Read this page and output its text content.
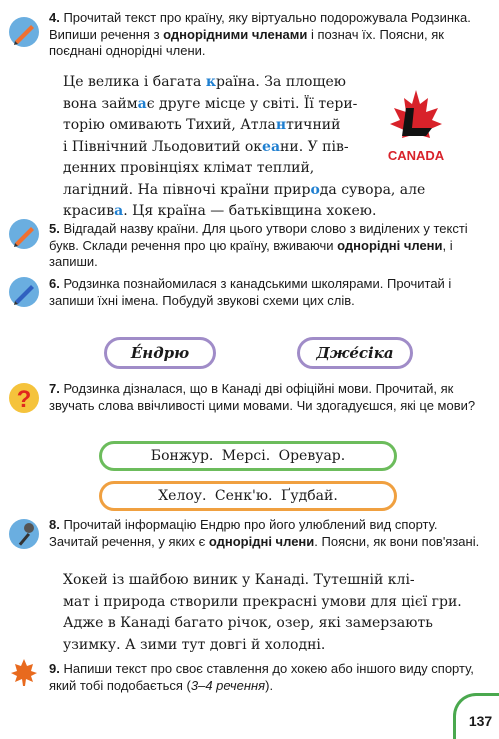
4. Прочитай текст про країну, яку віртуально подорожувала Родзинка. Випиши речення з однорідними членами і познач їх. Поясни, як поєднані однорідні члени.
Це велика і багата країна. За площею
вона займає друге місце у світі. Її тери-
торію омивають Тихий, Атлантичний
і Північний Льодовитий океани. У пів-
денних провінціях клімат теплий,
лагідний. На півночі країни природа сувора, але
красива. Ця країна — батьківщина хокею.
CANADA
5. Відгадай назву країни. Для цього утвори слово з виділених у тексті букв. Склади речення про цю країну, вживаючи однорідні члени, і запиши.
6. Родзинка познайомилася з канадськими школярами. Прочитай і запиши їхні імена. Побудуй звукові схеми цих слів.
Е́ндрю	Дже́сіка
? 7. Родзинка дізналася, що в Канаді дві офіційні мови. Прочитай, як звучать слова ввічливості цими мовами. Чи здогадуєшся, які це мови?
Бонжур. Мерсі. Оревуар.
Хелоу. Сенк'ю. Ґудбай.
8. Прочитай інформацію Ендрю про його улюблений вид спорту. Зачитай речення, у яких є однорідні члени. Поясни, як вони пов'язані.
Хокей із шайбою виник у Канаді. Тутешній клі-
мат і природа створили прекрасні умови для цієї гри.
Адже в Канаді багато річок, озер, які замерзають
узимку. А зими тут довгі й холодні.
9. Напиши текст про своє ставлення до хокею або іншого виду спорту, який тобі подобається (3–4 речення).
137
